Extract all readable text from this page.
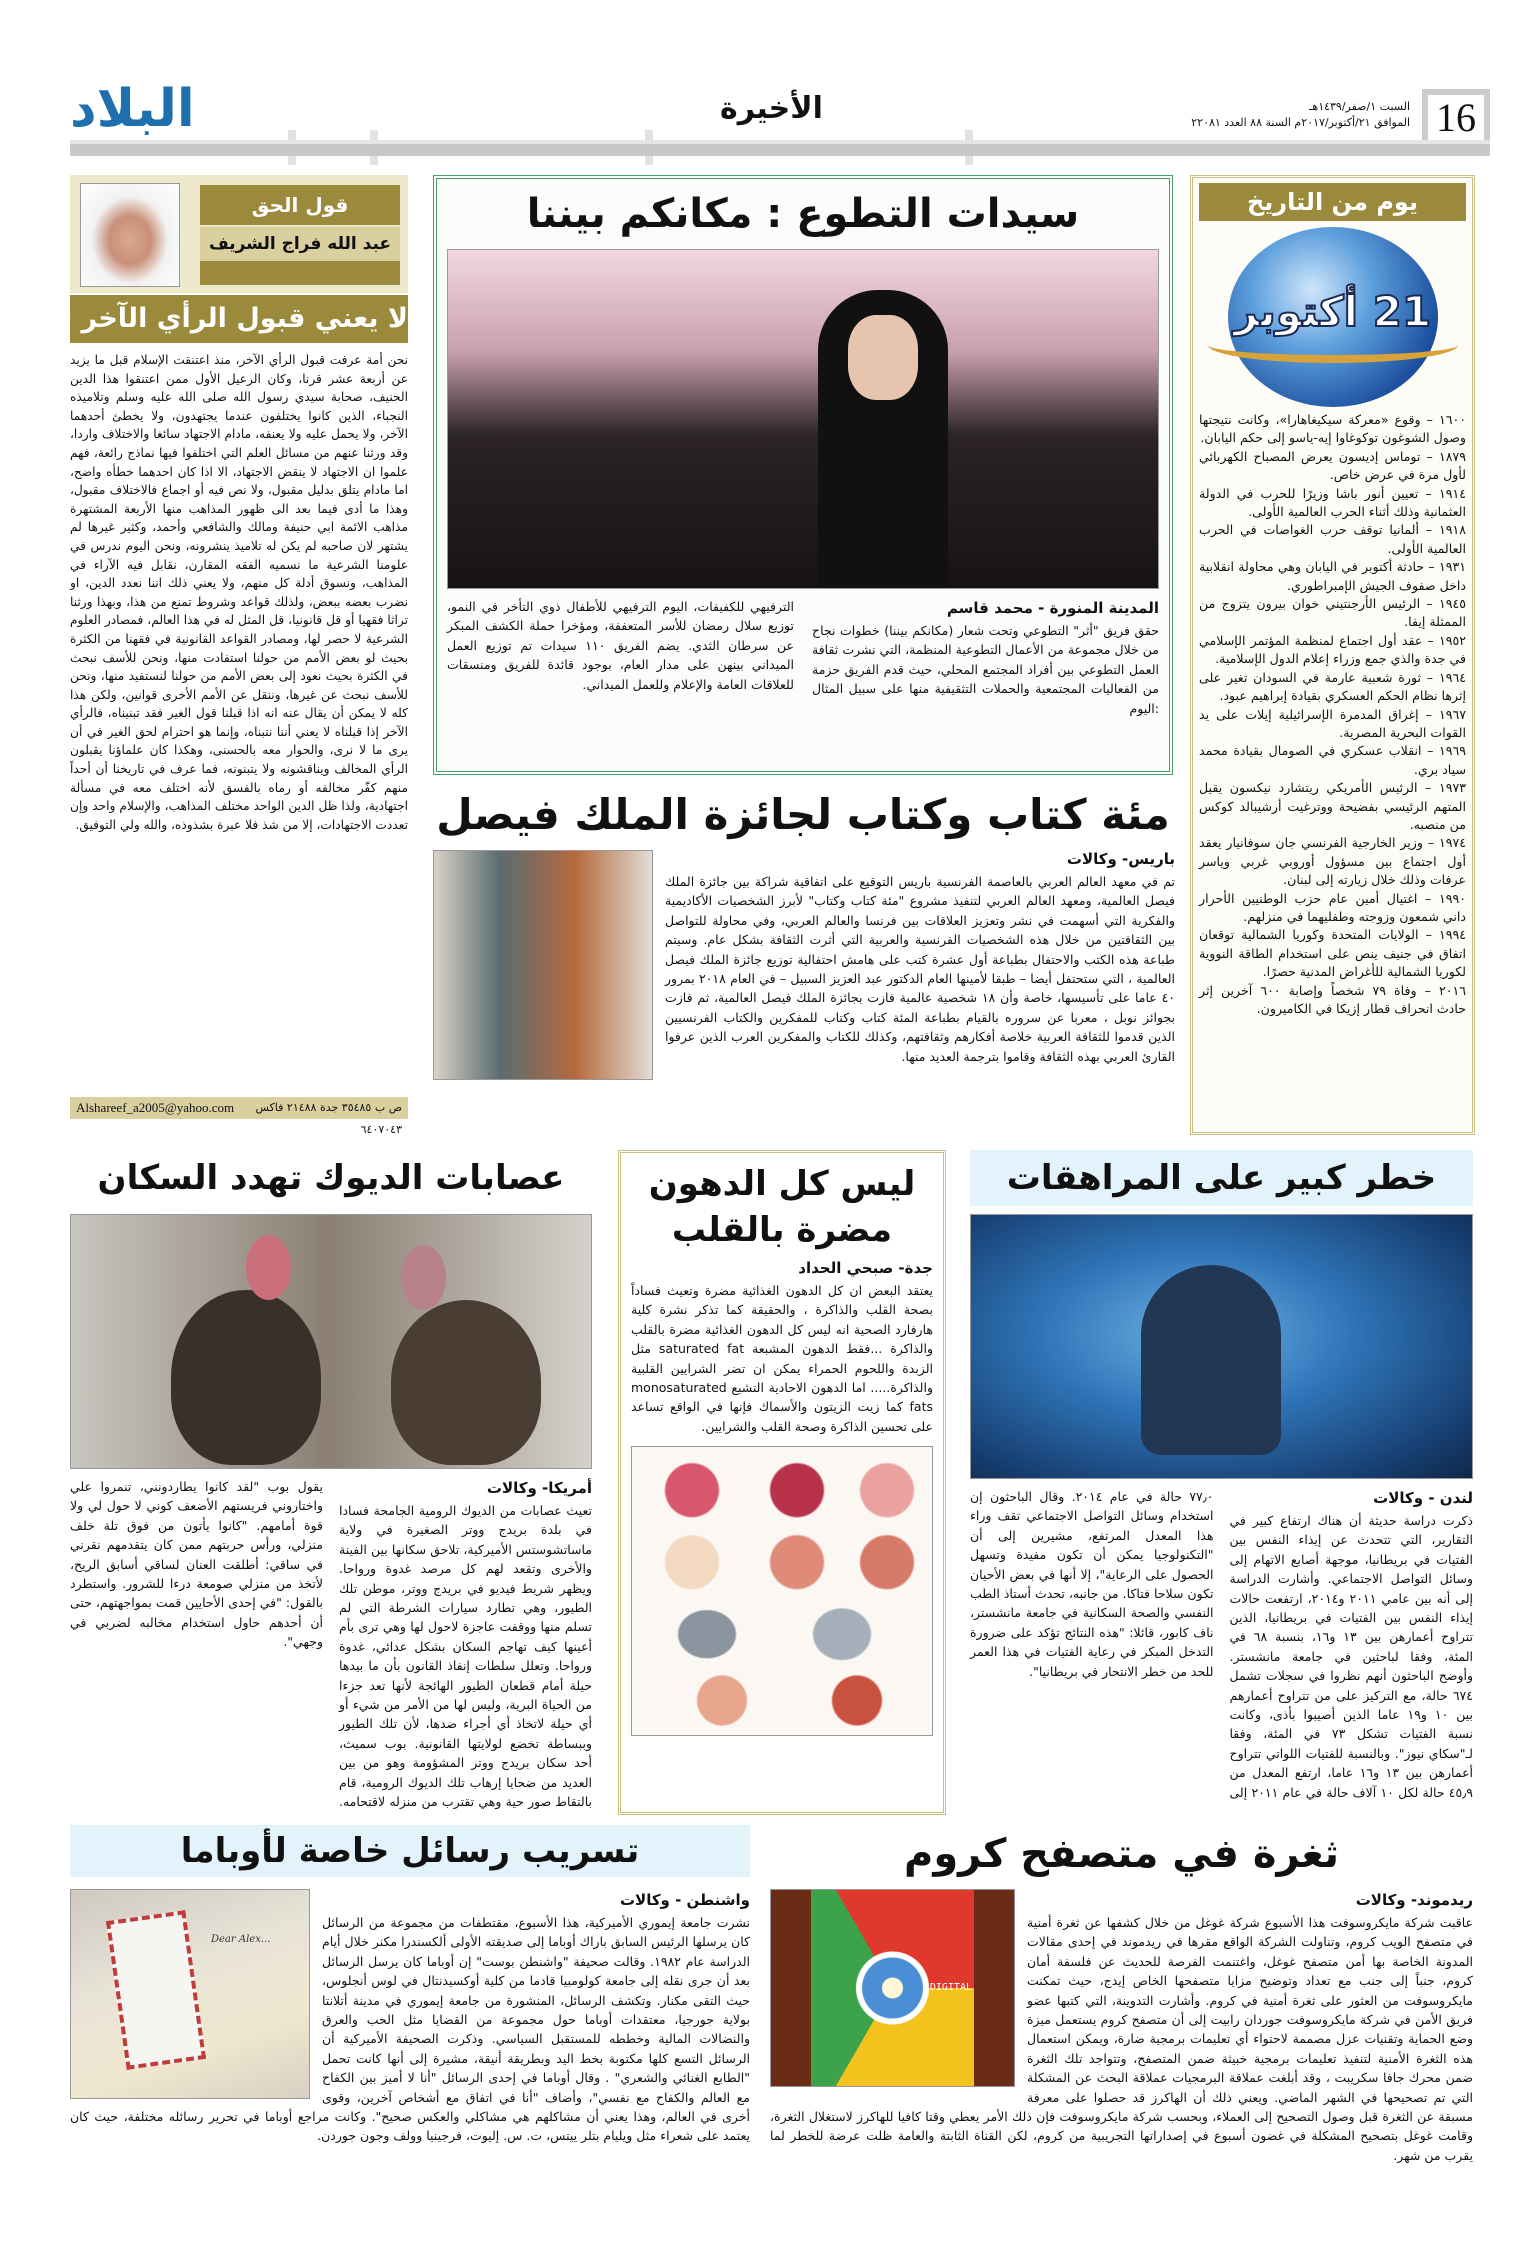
البلاد	الأخيرة	السبت ١/صفر/١٤٣٩هـ
الموافق ٢١/أكتوبر/٢٠١٧م السنة ٨٨ العدد ٢٢٠٨١ 16
يوم من التاريخ
21 أكتوبر

١٦٠٠ – وقوع «معركة سيكيغاهارا»، وكانت نتيجتها وصول الشوغون توكوغاوا إيه-ياسو إلى حكم اليابان.

١٨٧٩ – توماس إديسون يعرض المصباح الكهربائي لأول مرة في عرض خاص.

١٩١٤ – تعيين أنور باشا وزيرًا للحرب في الدولة العثمانية وذلك أثناء الحرب العالمية الأولى.

١٩١٨ – ألمانيا توقف حرب الغواصات في الحرب العالمية الأولى.

١٩٣١ – حادثة أكتوبر في اليابان وهي محاولة انقلابية داخل صفوف الجيش الإمبراطوري.

١٩٤٥ – الرئيس الأرجنتيني خوان بيرون يتزوج من الممثلة إيفا.

١٩٥٢ – عقد أول اجتماع لمنظمة المؤتمر الإسلامي في جدة والذي جمع وزراء إعلام الدول الإسلامية.

١٩٦٤ – ثورة شعبية عارمة في السودان تغير على إثرها نظام الحكم العسكري بقيادة إبراهيم عبود.

١٩٦٧ – إغراق المدمرة الإسرائيلية إيلات على يد القوات البحرية المصرية.

١٩٦٩ – انقلاب عسكري في الصومال بقيادة محمد سياد بري.

١٩٧٣ – الرئيس الأمريكي ريتشارد نيكسون يقيل المتهم الرئيسي بفضيحة ووترغيت أرشيبالد كوكس من منصبه.

١٩٧٤ – وزير الخارجية الفرنسي جان سوفانيار يعقد أول اجتماع بين مسؤول أوروبي غربي وياسر عرفات وذلك خلال زيارته إلى لبنان.

١٩٩٠ – اغتيال أمين عام حزب الوطنيين الأحرار داني شمعون وزوجته وطفليهما في منزلهم.

١٩٩٤ – الولايات المتحدة وكوريا الشمالية توقعان اتفاق في جنيف ينص على استخدام الطاقة النووية لكوريا الشمالية للأغراض المدنية حصرًا.

٢٠١٦ – وفاة ٧٩ شخصاً وإصابة ٦٠٠ آخرين إثر حادث انحراف قطار إزيكا في الكاميرون.

سيدات التطوع : مكانكم بيننا
المدينة المنورة - محمد قاسم

حقق فريق "أثر" التطوعي وتحت شعار (مكانكم بيننا) خطوات نجاح من خلال مجموعة من الأعمال التطوعية المنظمة، التي نشرت ثقافة العمل التطوعي بين أفراد المجتمع المحلي، حيث قدم الفريق حزمة من الفعاليات المجتمعية والحملات التثقيفية منها على سبيل المثال :اليوم

الترفيهي للكفيفات، اليوم الترفيهي للأطفال ذوي التأخر في النمو، توزيع سلال رمضان للأسر المتعففة، ومؤخرا حملة الكشف المبكر عن سرطان الثدي. يضم الفريق ١١٠ سيدات تم توزيع العمل الميداني بينهن على مدار العام، بوجود قائدة للفريق ومنسقات للعلاقات العامة والإعلام وللعمل الميداني.

مئة كتاب وكتاب لجائزة الملك فيصل
باريس- وكالات

تم في معهد العالم العربي بالعاصمة الفرنسية باريس التوقيع على اتفاقية شراكة بين جائزة الملك فيصل العالمية، ومعهد العالم العربي لتنفيذ مشروع "مئة كتاب وكتاب" لأبرز الشخصيات الأكاديمية والفكرية التي أسهمت في نشر وتعزيز العلاقات بين فرنسا والعالم العربي، وفي محاولة للتواصل بين الثقافتين من خلال هذه الشخصيات الفرنسية والعربية التي أثرت الثقافة بشكل عام. وسيتم طباعة هذه الكتب والاحتفال بطباعة أول عشرة كتب على هامش احتفالية توزيع جائزة الملك فيصل العالمية ، التي ستحتفل أيضا – طبقا لأمينها العام الدكتور عبد العزيز السبيل – في العام ٢٠١٨ بمرور ٤٠ عاما على تأسيسها، خاصة وأن ١٨ شخصية عالمية فازت بجائزة الملك فيصل العالمية، ثم فازت بجوائز نوبل ، معربا عن سروره بالقيام بطباعة المئة كتاب وكتاب للمفكرين والكتاب الفرنسيين الذين قدموا للثقافة العربية خلاصة أفكارهم وثقافتهم، وكذلك للكتاب والمفكرين العرب الذين عرفوا القارئ العربي بهذه الثقافة وقاموا بترجمة العديد منها.

قول الحق
عبد الله فراج الشريف
لا يعني قبول الرأي الآخر تبنيه

نحن أمة عرفت قبول الرأي الآخر، منذ اعتنقت الإسلام قبل ما يزيد عن أربعة عشر قرنا، وكان الرعيل الأول ممن اعتنقوا هذا الدين الحنيف، صحابة سيدي رسول الله صلى الله عليه وسلم وتلاميذه النجباء، الذين كانوا يختلفون عندما يجتهدون، ولا يخطئ أحدهما الآخر، ولا يحمل عليه ولا يعنفه، مادام الاجتهاد سائغا والاختلاف واردا، وقد ورثنا عنهم من مسائل العلم التي اختلفوا فيها نماذج رائعة، فهم علموا ان الاجتهاد لا ينقض الاجتهاد، الا اذا كان احدهما خطأه واضح، اما مادام يتلق بدليل مقبول، ولا نص فيه أو اجماع فالاختلاف مقبول، وهذا ما أدى فيما بعد الى ظهور المذاهب منها الأربعة المشتهرة مذاهب الائمة ابي حنيفة ومالك والشافعي وأحمد، وكثير غيرها لم يشتهر لان صاحبه لم يكن له تلاميذ ينشرونه، ونحن اليوم ندرس في علومنا الشرعية ما نسميه الفقه المقارن، نقابل فيه الآراء في المذاهب، ونسوق أدلة كل منهم، ولا يعني ذلك اننا نعدد الدين، او نضرب بعضه ببعض، ولذلك قواعد وشروط تمنع من هذا، وبهذا ورثنا تراثا فقهيا أو قل قانونيا، قل المثل له في هذا العالم، فمصادر العلوم الشرعية لا حصر لها، ومصادر القواعد القانونية في فقهنا من الكثرة بحيث لو بعض الأمم من حولنا استفادت منها، ونحن للأسف نبحث في الكثرة بحيث نعود إلى بعض الأمم من حولنا لنستفيد منها، ونحن للأسف نبحث عن غيرها، وننقل عن الأمم الأخرى قوانين، ولكن هذا كله لا يمكن أن يقال عنه انه اذا قبلنا قول الغير فقد تبنيناه، فالرأي الآخر إذا قبلناه لا يعني أننا نتبناه، وإنما هو احترام لحق الغير في أن يرى ما لا نرى، والحوار معه بالحسنى، وهكذا كان علماؤنا يقبلون الرأي المخالف ويناقشونه ولا يتبنونه، فما عرف في تاريخنا أن أحداً منهم كفّر مخالفه أو رماه بالفسق لأنه اختلف معه في مسألة اجتهادية، ولذا ظل الدين الواحد مختلف المذاهب، والإسلام واحد وإن تعددت الاجتهادات، إلا من شذ فلا عبرة بشذوذه، والله ولي التوفيق.

ص ب ٣٥٤٨٥ جدة ٢١٤٨٨ فاكس ٦٤٠٧٠٤٣
Alshareef_a2005@yahoo.com
خطر كبير على المراهقات
لندن - وكالات

ذكرت دراسة حديثة أن هناك ارتفاع كبير في التقارير، التي تتحدث عن إيذاء النفس بين الفتيات في بريطانيا، موجهة أصابع الاتهام إلى وسائل التواصل الاجتماعي. وأشارت الدراسة إلى أنه بين عامي ٢٠١١ و٢٠١٤، ارتفعت حالات إيذاء النفس بين الفتيات في بريطانيا، الذين تتراوح أعمارهن بين ١٣ و١٦، بنسبة ٦٨ في المئة، وفقا لباحثين في جامعة مانشستر. وأوضح الباحثون أنهم نظروا في سجلات تشمل ٦٧٤ حالة، مع التركيز على من تتراوح أعمارهم بين ١٠ و١٩ عاما الذين أصيبوا بأذى، وكانت نسبة الفتيات تشكل ٧٣ في المئة، وفقا لـ"سكاي نيوز". وبالنسبة للفتيات اللواتي تتراوح أعمارهن بين ١٣ و١٦ عاما، ارتفع المعدل من ٤٥٫٩ حالة لكل ١٠ آلاف حالة في عام ٢٠١١ إلى ٧٧٫٠ حالة في عام ٢٠١٤. وقال الباحثون إن استخدام وسائل التواصل الاجتماعي تقف وراء هذا المعدل المرتفع، مشيرين إلى أن "التكنولوجيا يمكن أن تكون مفيدة وتسهل الحصول على الرعاية"، إلا أنها في بعض الأحيان تكون سلاحا فتاكا. من جانبه، تحدث أستاذ الطب النفسي والصحة السكانية في جامعة مانشستر، ناف كابور، قائلا: "هذه النتائج تؤكد على ضرورة التدخل المبكر في رعاية الفتيات في هذا العمر للحد من خطر الانتحار في بريطانيا".

ليس كل الدهون مضرة بالقلب
جدة- صبحي الحداد

يعتقد البعض ان كل الدهون الغذائية مضرة وتعيث فساداً بصحة القلب والذاكرة ، والحقيقة كما تذكر نشرة كلية هارفارد الصحية انه ليس كل الدهون الغذائية مضرة بالقلب والذاكرة ...فقط الدهون المشبعة saturated fat مثل الزبدة واللحوم الحمراء يمكن ان تضر الشرايين القلبية والذاكرة..... اما الدهون الاحادية التشبع monosaturated fats كما زيت الزيتون والأسماك فإنها في الواقع تساعد على تحسين الذاكرة وصحة القلب والشرايين.

عصابات الديوك تهدد السكان
أمريكا- وكالات

تعيث عصابات من الديوك الرومية الجامحة فسادا في بلدة بريدج ووتر الصغيرة في ولاية ماساتشوستس الأميركية، تلاحق سكانها بين الفينة والأخرى وتقعد لهم كل مرصد غدوة ورواحا. ويظهر شريط فيديو في بريدج ووتر، موطن تلك الطيور، وهي تطارد سيارات الشرطة التي لم تسلم منها ووقفت عاجزة لاحول لها وهي ترى بأم أعينها كيف تهاجم السكان بشكل عدائي، غدوة ورواحا. وتعلل سلطات إنفاذ القانون بأن ما بيدها حيلة أمام قطعان الطيور الهائجة لأنها تعد جزءا من الحياة البرية، وليس لها من الأمر من شيء أو أي حيلة لاتخاذ أي أجراء ضدها، لأن تلك الطيور وببساطة تخضع لولايتها القانونية. بوب سميث، أحد سكان بريدج ووتر المشؤومة وهو من بين العديد من ضحايا إرهاب تلك الديوك الرومية، قام بالتقاط صور حية وهي تقترب من منزله لاقتحامه. يقول بوب "لقد كانوا يطاردونني، تنمروا علي واختاروني فريستهم الأضعف كوني لا حول لي ولا قوة أمامهم. "كانوا يأتون من فوق تلة خلف منزلي، ورأس حربتهم ممن كان يتقدمهم نقرني في ساقي: أطلقت العنان لساقي أسابق الريح، لأتخذ من منزلي صومعة درءا للشرور. واستطرد بالقول: "في إحدى الأحايين قمت بمواجهتهم، حتى أن أحدهم حاول استخدام مخالبه لضربي في وجهي".

ثغرة في متصفح كروم
DIGITAL
ريدموند- وكالات

عاقبت شركة مايكروسوفت هذا الأسبوع شركة غوغل من خلال كشفها عن ثغرة أمنية في متصفح الويب كروم، وتناولت الشركة الواقع مقرها في ريدموند في إحدى مقالات المدونة الخاصة بها أمن متصفح غوغل، واغتنمت الفرصة للحديث عن فلسفة أمان كروم، جنباً إلى جنب مع تعداد وتوضيح مزايا متصفحها الخاص إيدج، حيث تمكنت مايكروسوفت من العثور على ثغرة أمنية في كروم. وأشارت التدوينة، التي كتبها عضو فريق الأمن في شركة مايكروسوفت جوردان رابيت إلى أن متصفح كروم يستعمل ميزة وضع الحماية وتقنيات عزل مصممة لاحتواء أي تعليمات برمجية ضارة، ويمكن استعمال هذه الثغرة الأمنية لتنفيذ تعليمات برمجية خبيثة ضمن المتصفح، وتتواجد تلك الثغرة ضمن محرك جافا سكريبت ، وقد أبلغت عملاقة البرمجيات عملاقة البحث عن المشكلة التي تم تصحيحها في الشهر الماضي. ويعني ذلك أن الهاكرز قد حصلوا على معرفة مسبقة عن الثغرة قبل وصول التصحيح إلى العملاء، وبحسب شركة مايكروسوفت فإن ذلك الأمر يعطي وقتا كافيا للهاكرز لاستغلال الثغرة، وقامت غوغل بتصحيح المشكلة في غضون أسبوع في إصداراتها التجريبية من كروم، لكن القناة الثابتة والعامة ظلت عرضة للخطر لما يقرب من شهر.

تسريب رسائل خاصة لأوباما
Dear Alex...
واشنطن - وكالات

نشرت جامعة إيموري الأميركية، هذا الأسبوع، مقتطفات من مجموعة من الرسائل كان يرسلها الرئيس السابق باراك أوباما إلى صديقته الأولى ألكسندرا مكنر خلال أيام الدراسة عام ١٩٨٢. وقالت صحيفة "واشنطن بوست" إن أوباما كان يرسل الرسائل بعد أن جرى نقله إلى جامعة كولومبيا قادما من كلية أوكسيدنتال في لوس أنجلوس، حيث التقى مكنار. وتكشف الرسائل، المنشورة من جامعة إيموري في مدينة أتلانتا بولاية جورجيا، معتقدات أوباما حول مجموعة من القضايا مثل الحب والعرق والنضالات المالية وخططه للمستقبل السياسي. وذكرت الصحيفة الأميركية أن الرسائل التسع كلها مكتوبة بخط اليد وبطريقة أنيقة، مشيرة إلى أنها كانت تحمل "الطابع الغنائي والشعري" . وقال أوباما في إحدى الرسائل "أنا لا أميز بين الكفاح مع العالم والكفاح مع نفسي"، وأضاف "أنا في اتفاق مع أشخاص آخرين، وقوى أخرى في العالم، وهذا يعني أن مشاكلهم هي مشاكلي والعكس صحيح". وكانت مراجع أوباما في تحرير رسائله مختلفة، حيث كان يعتمد على شعراء مثل ويليام بتلر ييتس، ت. س. إليوت، فرجينيا وولف وجون جوردن.
